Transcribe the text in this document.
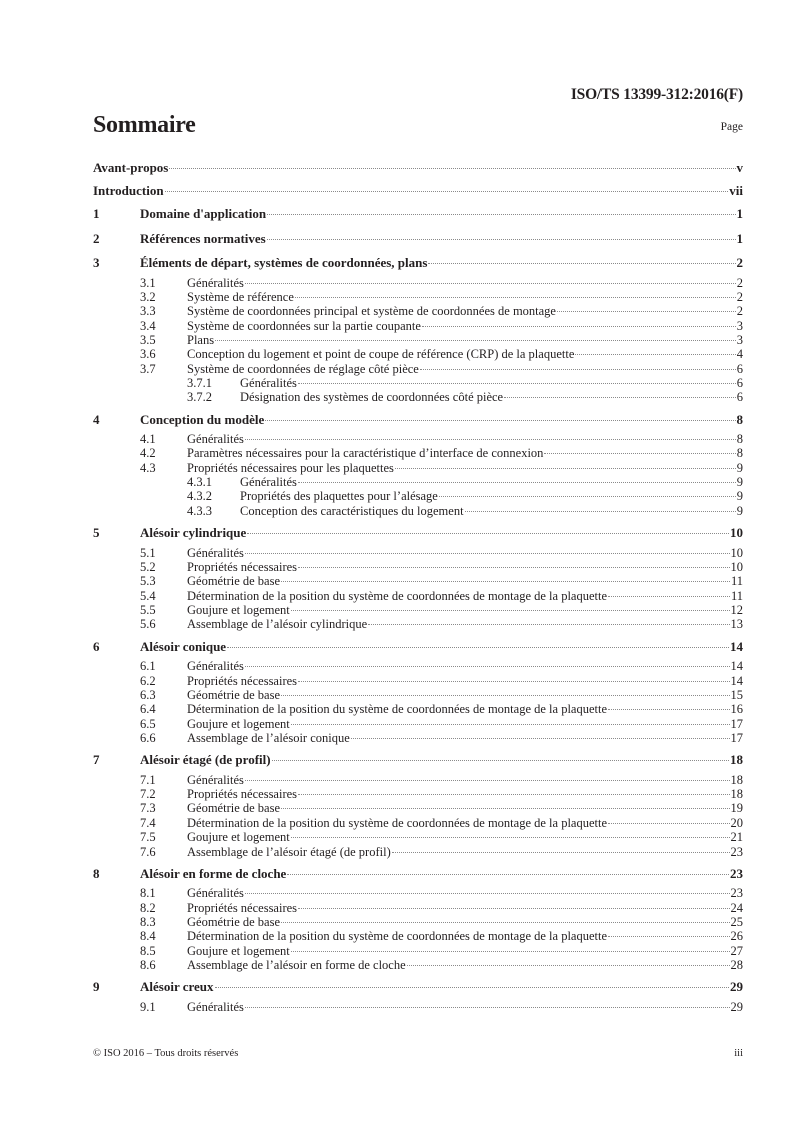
ISO/TS 13399-312:2016(F)
Sommaire	Page
Avant-propos	v
Introduction	vii
1	Domaine d'application	1
2	Références normatives	1
3	Éléments de départ, systèmes de coordonnées, plans	2
3.1	Généralités	2
3.2	Système de référence	2
3.3	Système de coordonnées principal et système de coordonnées de montage	2
3.4	Système de coordonnées sur la partie coupante	3
3.5	Plans	3
3.6	Conception du logement et point de coupe de référence (CRP) de la plaquette	4
3.7	Système de coordonnées de réglage côté pièce	6
3.7.1	Généralités	6
3.7.2	Désignation des systèmes de coordonnées côté pièce	6
4	Conception du modèle	8
4.1	Généralités	8
4.2	Paramètres nécessaires pour la caractéristique d’interface de connexion	8
4.3	Propriétés nécessaires pour les plaquettes	9
4.3.1	Généralités	9
4.3.2	Propriétés des plaquettes pour l’alésage	9
4.3.3	Conception des caractéristiques du logement	9
5	Alésoir cylindrique	10
5.1	Généralités	10
5.2	Propriétés nécessaires	10
5.3	Géométrie de base	11
5.4	Détermination de la position du système de coordonnées de montage de la plaquette	11
5.5	Goujure et logement	12
5.6	Assemblage de l’alésoir cylindrique	13
6	Alésoir conique	14
6.1	Généralités	14
6.2	Propriétés nécessaires	14
6.3	Géométrie de base	15
6.4	Détermination de la position du système de coordonnées de montage de la plaquette	16
6.5	Goujure et logement	17
6.6	Assemblage de l’alésoir conique	17
7	Alésoir étagé (de profil)	18
7.1	Généralités	18
7.2	Propriétés nécessaires	18
7.3	Géométrie de base	19
7.4	Détermination de la position du système de coordonnées de montage de la plaquette	20
7.5	Goujure et logement	21
7.6	Assemblage de l’alésoir étagé (de profil)	23
8	Alésoir en forme de cloche	23
8.1	Généralités	23
8.2	Propriétés nécessaires	24
8.3	Géométrie de base	25
8.4	Détermination de la position du système de coordonnées de montage de la plaquette	26
8.5	Goujure et logement	27
8.6	Assemblage de l’alésoir en forme de cloche	28
9	Alésoir creux	29
9.1	Généralités	29
© ISO 2016 – Tous droits réservés	iii
